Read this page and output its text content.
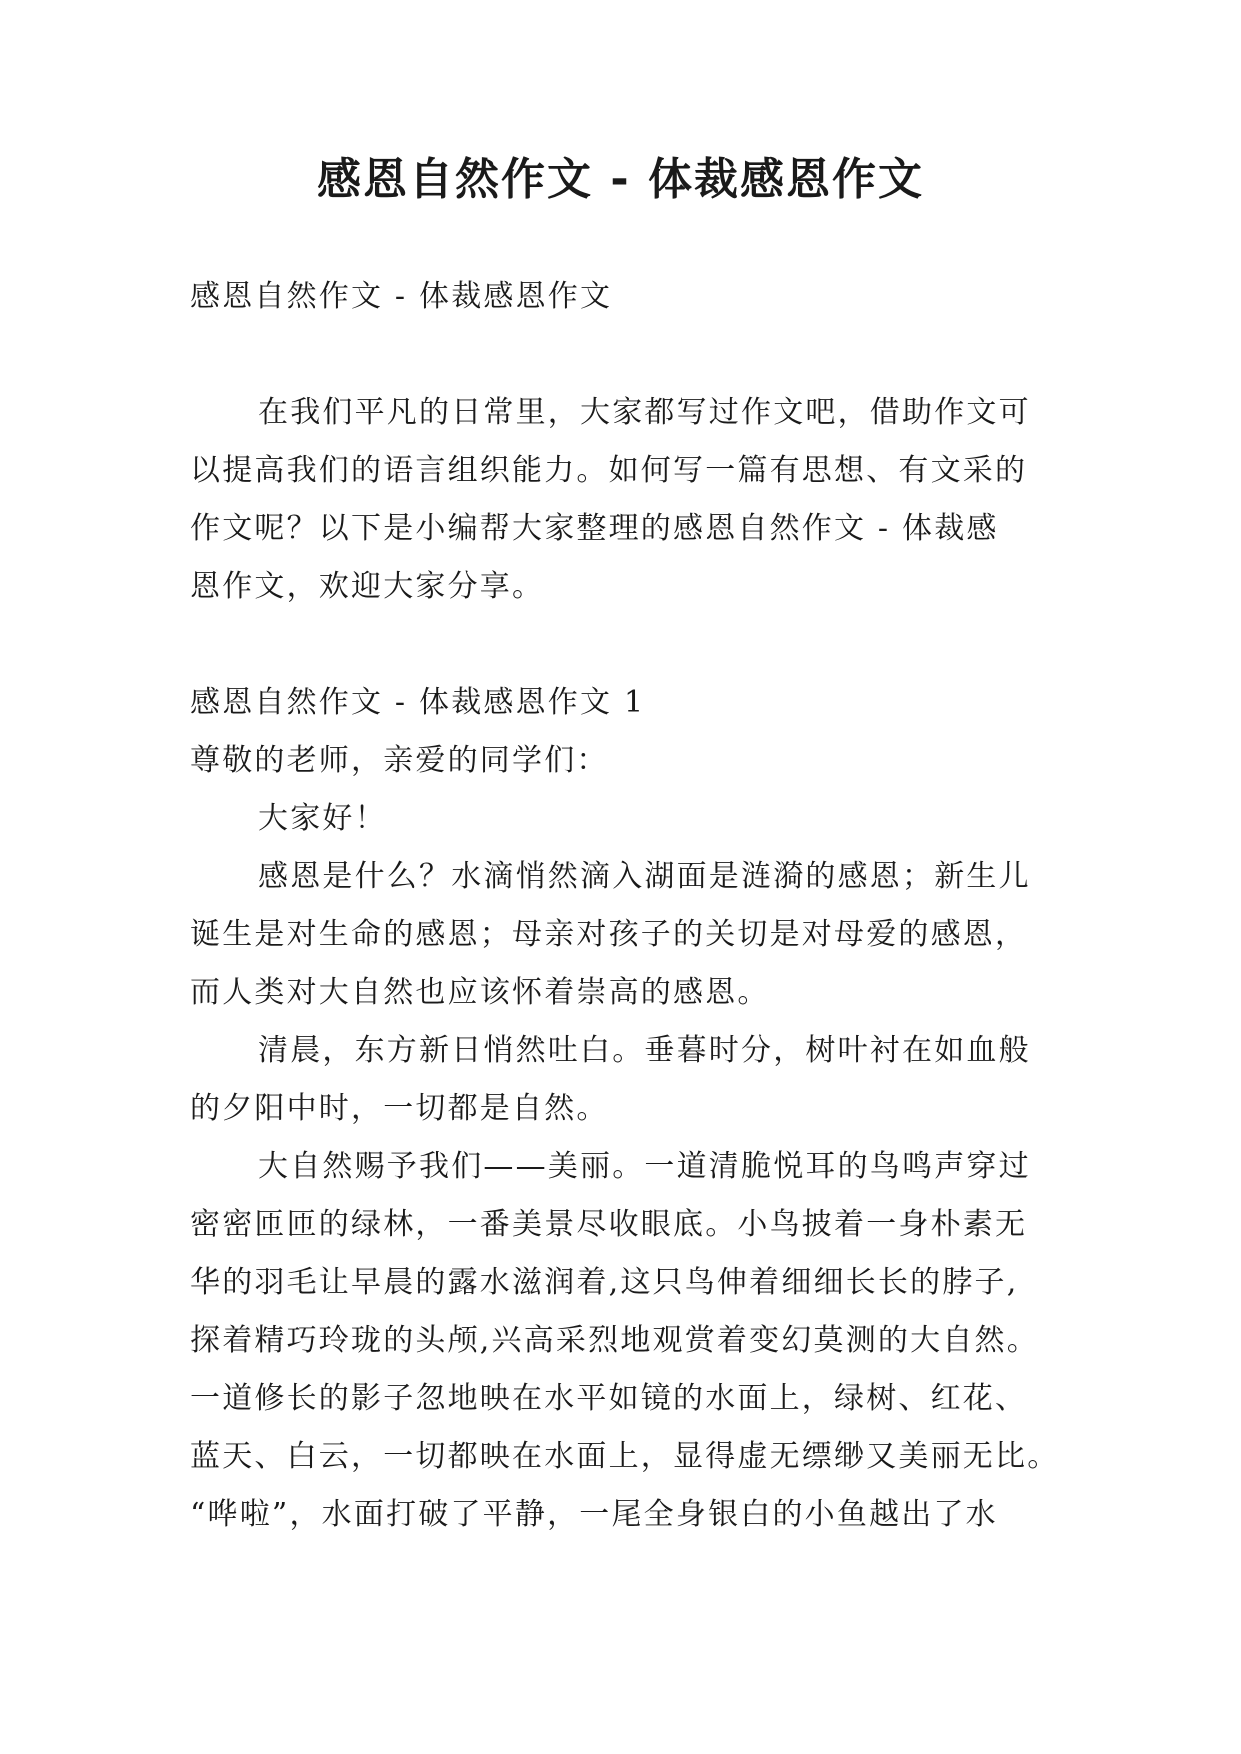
感恩自然作文 - 体裁感恩作文
感恩自然作文 - 体裁感恩作文
在我们平凡的日常里，大家都写过作文吧，借助作文可
以提高我们的语言组织能力。如何写一篇有思想、有文采的
作文呢？以下是小编帮大家整理的感恩自然作文 - 体裁感
恩作文，欢迎大家分享。
感恩自然作文 - 体裁感恩作文 1
尊敬的老师，亲爱的同学们：
大家好！
感恩是什么？水滴悄然滴入湖面是涟漪的感恩；新生儿
诞生是对生命的感恩；母亲对孩子的关切是对母爱的感恩，
而人类对大自然也应该怀着崇高的感恩。
清晨，东方新日悄然吐白。垂暮时分，树叶衬在如血般
的夕阳中时，一切都是自然。
大自然赐予我们——美丽。一道清脆悦耳的鸟鸣声穿过
密密匝匝的绿林，一番美景尽收眼底。小鸟披着一身朴素无
华的羽毛让早晨的露水滋润着,这只鸟伸着细细长长的脖子,
探着精巧玲珑的头颅,兴高采烈地观赏着变幻莫测的大自然。
一道修长的影子忽地映在水平如镜的水面上，绿树、红花、
蓝天、白云，一切都映在水面上，显得虚无缥缈又美丽无比。
“哗啦”，水面打破了平静，一尾全身银白的小鱼越出了水
